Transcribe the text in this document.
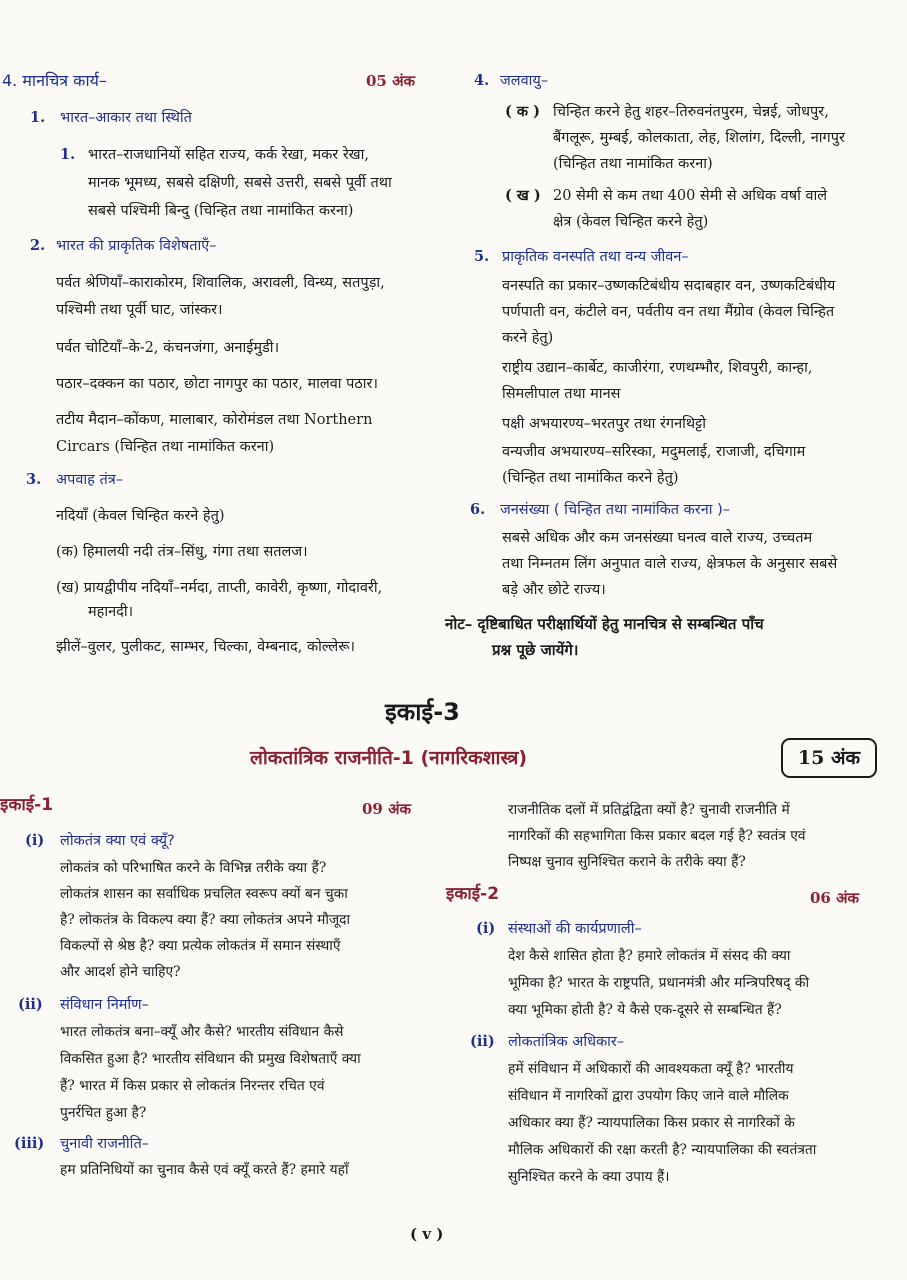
4. मानचित्र कार्य–	05 अंक
1. भारत–आकार तथा स्थिति
1. भारत–राजधानियों सहित राज्य, कर्क रेखा, मकर रेखा,
मानक भूमध्य, सबसे दक्षिणी, सबसे उत्तरी, सबसे पूर्वी तथा
सबसे पश्चिमी बिन्दु (चिन्हित तथा नामांकित करना)
2. भारत की प्राकृतिक विशेषताएँ–
पर्वत श्रेणियाँ–काराकोरम, शिवालिक, अरावली, विन्ध्य, सतपुड़ा,
पश्चिमी तथा पूर्वी घाट, जांस्कर।
पर्वत चोटियाँ–के-2, कंचनजंगा, अनाईमुडी।
पठार–दक्कन का पठार, छोटा नागपुर का पठार, मालवा पठार।
तटीय मैदान–कोंकण, मालाबार, कोरोमंडल तथा Northern
Circars (चिन्हित तथा नामांकित करना)
3. अपवाह तंत्र–
नदियाँ (केवल चिन्हित करने हेतु)
(क) हिमालयी नदी तंत्र–सिंधु, गंगा तथा सतलज।
(ख) प्रायद्वीपीय नदियाँ–नर्मदा, ताप्ती, कावेरी, कृष्णा, गोदावरी,
महानदी।
झीलें–वुलर, पुलीकट, साम्भर, चिल्का, वेम्बनाद, कोल्लेरू।
4. जलवायु–
( क ) चिन्हित करने हेतु शहर–तिरुवनंतपुरम, चेन्नई, जोधपुर,
बैंगलूरू, मुम्बई, कोलकाता, लेह, शिलांग, दिल्ली, नागपुर
(चिन्हित तथा नामांकित करना)
( ख ) 20 सेमी से कम तथा 400 सेमी से अधिक वर्षा वाले
क्षेत्र (केवल चिन्हित करने हेतु)
5. प्राकृतिक वनस्पति तथा वन्य जीवन–
वनस्पति का प्रकार–उष्णकटिबंधीय सदाबहार वन, उष्णकटिबंधीय
पर्णपाती वन, कंटीले वन, पर्वतीय वन तथा मैंग्रोव (केवल चिन्हित
करने हेतु)
राष्ट्रीय उद्यान–कार्बेट, काजीरंगा, रणथम्भौर, शिवपुरी, कान्हा,
सिमलीपाल तथा मानस
पक्षी अभयारण्य–भरतपुर तथा रंगनथिट्टो
वन्यजीव अभयारण्य–सरिस्का, मदुमलाई, राजाजी, दचिगाम
(चिन्हित तथा नामांकित करने हेतु)
6. जनसंख्या ( चिन्हित तथा नामांकित करना )–
सबसे अधिक और कम जनसंख्या घनत्व वाले राज्य, उच्चतम
तथा निम्नतम लिंग अनुपात वाले राज्य, क्षेत्रफल के अनुसार सबसे
बड़े और छोटे राज्य।
नोट– दृष्टिबाधित परीक्षार्थियों हेतु मानचित्र से सम्बन्धित पाँच
प्रश्न पूछे जायेंगे।
इकाई-3
लोकतांत्रिक राजनीति-1 (नागरिकशास्त्र)	15 अंक
इकाई-1	09 अंक
(i) लोकतंत्र क्या एवं क्यूँ?
लोकतंत्र को परिभाषित करने के विभिन्न तरीके क्या हैं?
लोकतंत्र शासन का सर्वाधिक प्रचलित स्वरूप क्यों बन चुका
है? लोकतंत्र के विकल्प क्या हैं? क्या लोकतंत्र अपने मौजूदा
विकल्पों से श्रेष्ठ है? क्या प्रत्येक लोकतंत्र में समान संस्थाएँ
और आदर्श होने चाहिए?
(ii) संविधान निर्माण–
भारत लोकतंत्र बना–क्यूँ और कैसे? भारतीय संविधान कैसे
विकसित हुआ है? भारतीय संविधान की प्रमुख विशेषताएँ क्या
हैं? भारत में किस प्रकार से लोकतंत्र निरन्तर रचित एवं
पुनर्रचित हुआ है?
(iii) चुनावी राजनीति–
हम प्रतिनिधियों का चुनाव कैसे एवं क्यूँ करते हैं? हमारे यहाँ
राजनीतिक दलों में प्रतिद्वंद्विता क्यों है? चुनावी राजनीति में
नागरिकों की सहभागिता किस प्रकार बदल गई है? स्वतंत्र एवं
निष्पक्ष चुनाव सुनिश्चित कराने के तरीके क्या हैं?
इकाई-2	06 अंक
(i) संस्थाओं की कार्यप्रणाली–
देश कैसे शासित होता है? हमारे लोकतंत्र में संसद की क्या
भूमिका है? भारत के राष्ट्रपति, प्रधानमंत्री और मन्त्रिपरिषद् की
क्या भूमिका होती है? ये कैसे एक-दूसरे से सम्बन्धित हैं?
(ii) लोकतांत्रिक अधिकार–
हमें संविधान में अधिकारों की आवश्यकता क्यूँ है? भारतीय
संविधान में नागरिकों द्वारा उपयोग किए जाने वाले मौलिक
अधिकार क्या हैं? न्यायपालिका किस प्रकार से नागरिकों के
मौलिक अधिकारों की रक्षा करती है? न्यायपालिका की स्वतंत्रता
सुनिश्चित करने के क्या उपाय हैं।
( v )
